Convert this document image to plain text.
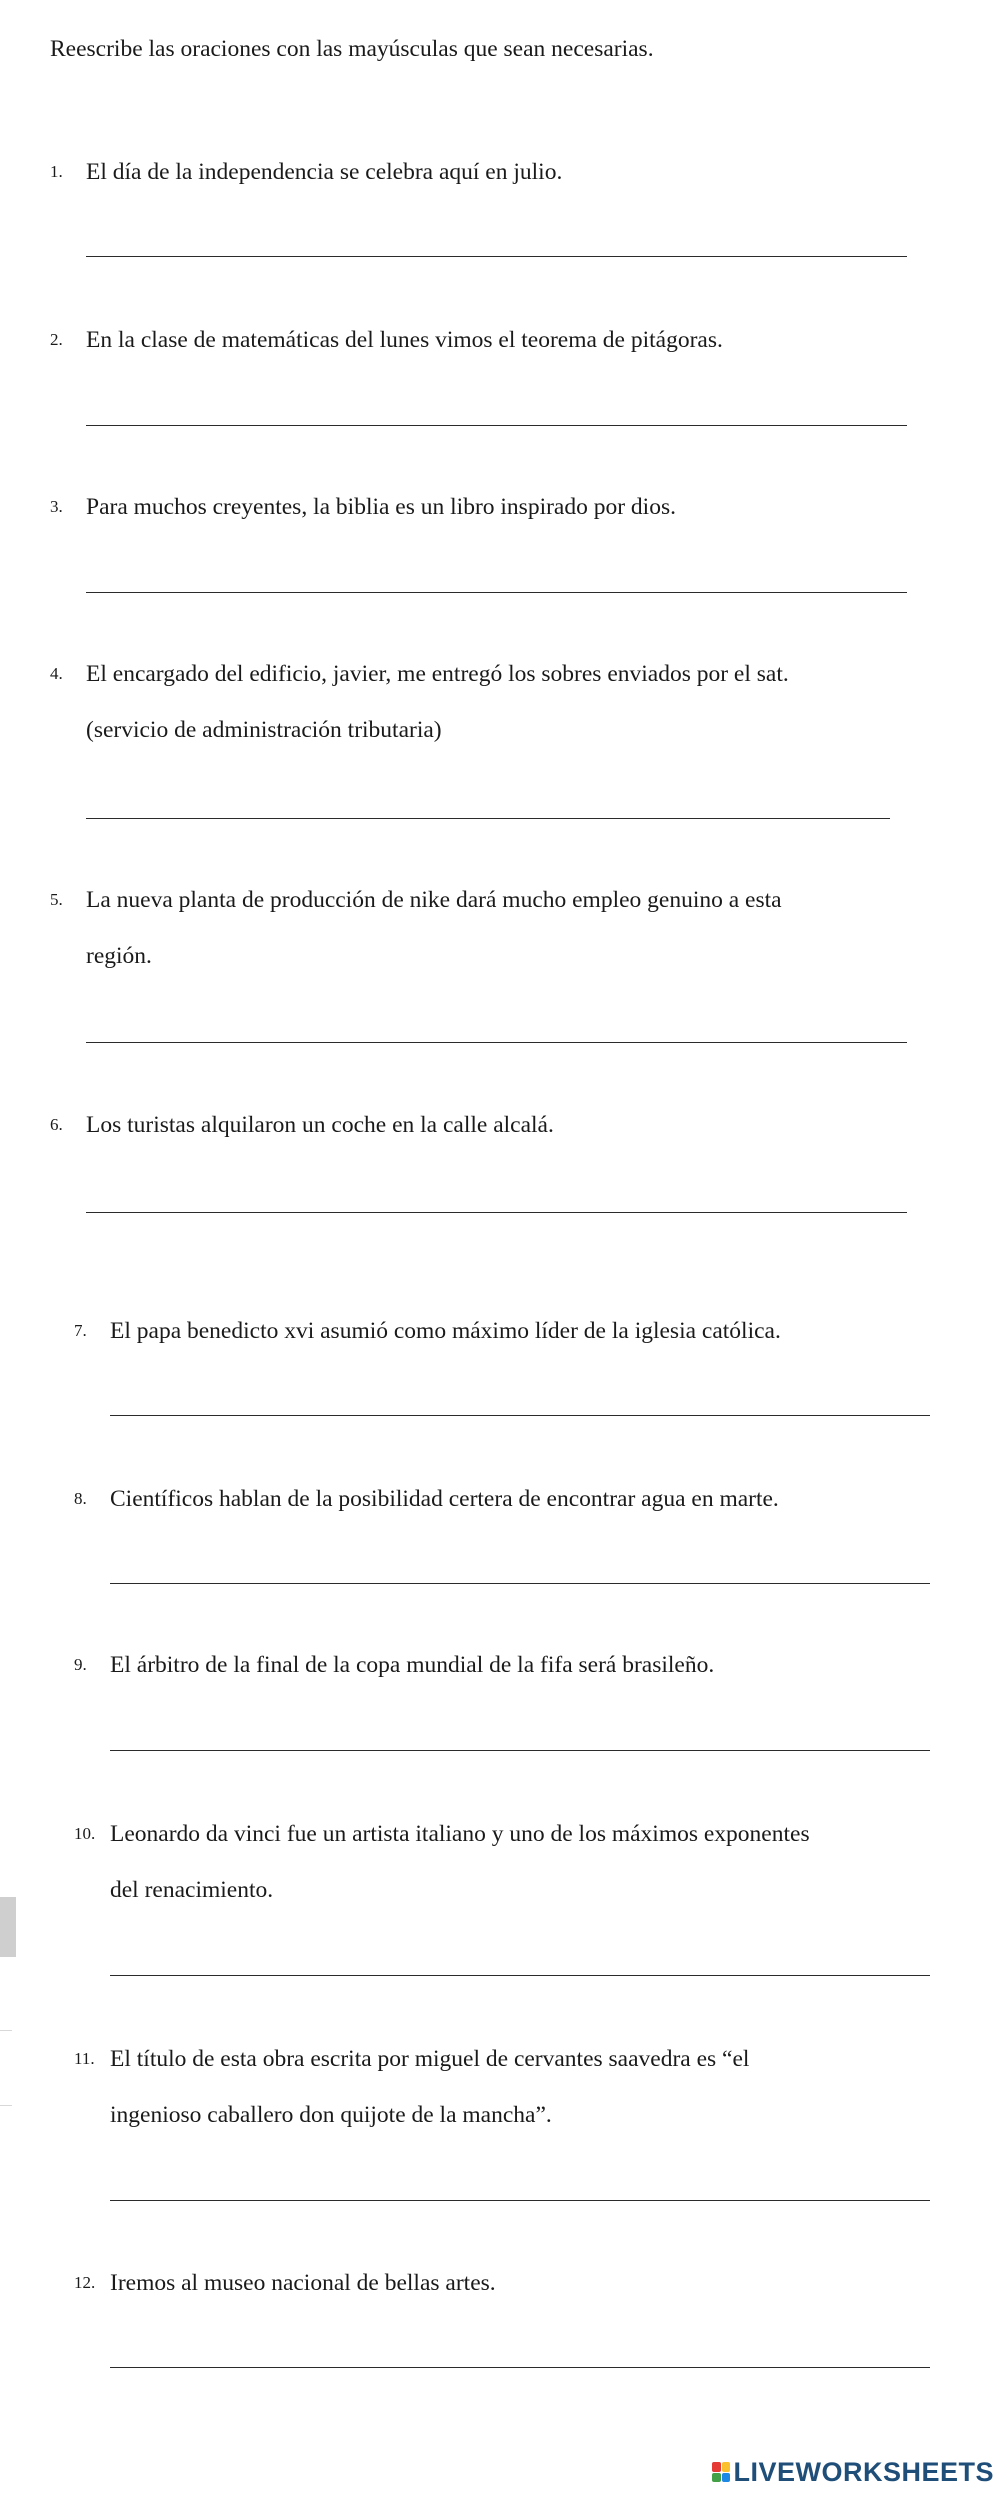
Reescribe las oraciones con las mayúsculas que sean necesarias.
1. El día de la independencia se celebra aquí en julio.
2. En la clase de matemáticas del lunes vimos el teorema de pitágoras.
3. Para muchos creyentes, la biblia es un libro inspirado por dios.
4. El encargado del edificio, javier, me entregó los sobres enviados por el sat.
(servicio de administración tributaria)
5. La nueva planta de producción de nike dará mucho empleo genuino a esta
región.
6. Los turistas alquilaron un coche en la calle alcalá.
7. El papa benedicto xvi asumió como máximo líder de la iglesia católica.
8. Científicos hablan de la posibilidad certera de encontrar agua en marte.
9. El árbitro de la final de la copa mundial de la fifa será brasileño.
10. Leonardo da vinci fue un artista italiano y uno de los máximos exponentes
del renacimiento.
11. El título de esta obra escrita por miguel de cervantes saavedra es “el
ingenioso caballero don quijote de la mancha”.
12. Iremos al museo nacional de bellas artes.
LIVEWORKSHEETS
